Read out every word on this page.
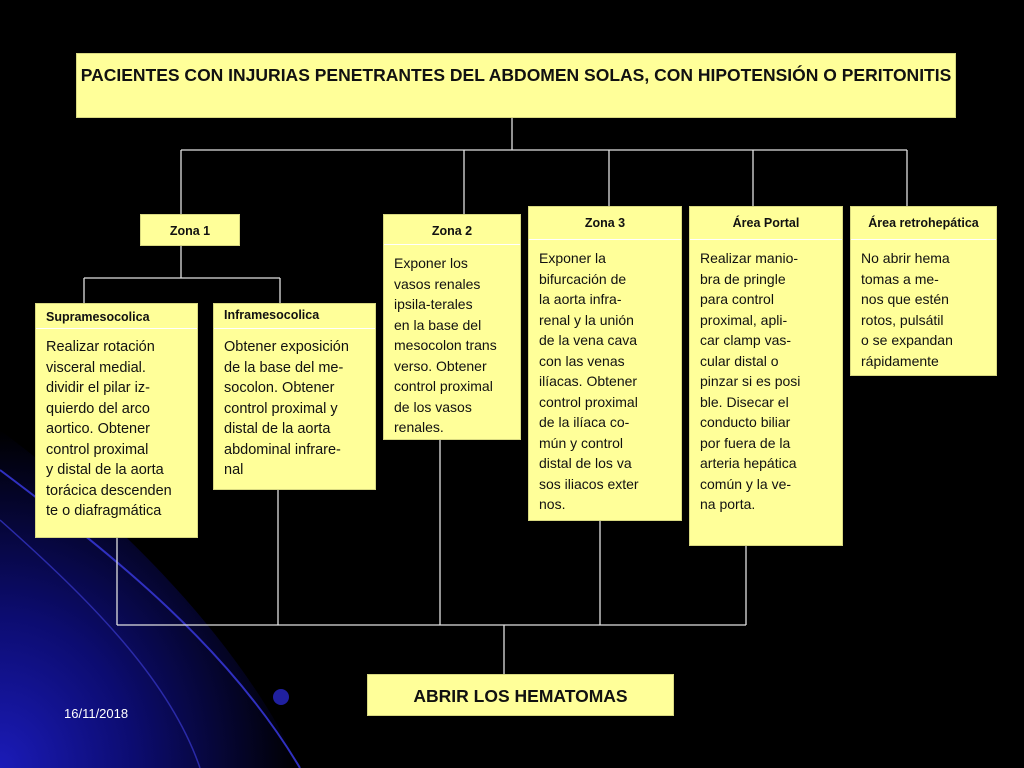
PACIENTES CON INJURIAS PENETRANTES DEL ABDOMEN SOLAS, CON HIPOTENSIÓN O PERITONITIS
Zona 1
Supramesocolica
Realizar rotación
visceral medial.
dividir el pilar iz-
quierdo del arco
aortico. Obtener
control proximal
y distal de la aorta
torácica descenden
te o diafragmática
Inframesocolica
Obtener exposición
de la base del me-
socolon. Obtener
control proximal y
distal de la aorta
abdominal infrare-
nal
Zona 2
Exponer los
vasos renales
ipsila-terales
en la base del
mesocolon trans
verso. Obtener
control proximal
de los vasos
renales.
Zona 3
Exponer la
bifurcación de
la aorta infra-
renal y la unión
de la vena cava
con las venas
ilíacas. Obtener
control proximal
de la ilíaca co-
mún y control
distal de los va
sos iliacos exter
nos.
Área Portal
Realizar manio-
bra de pringle
para control
proximal, apli-
car clamp vas-
cular distal o
pinzar si es posi
ble. Disecar el
conducto biliar
por fuera de la
arteria hepática
común y la ve-
na porta.
Área retrohepática
No abrir hema
tomas a me-
nos que estén
rotos, pulsátil
o se expandan
rápidamente
ABRIR LOS HEMATOMAS
16/11/2018
